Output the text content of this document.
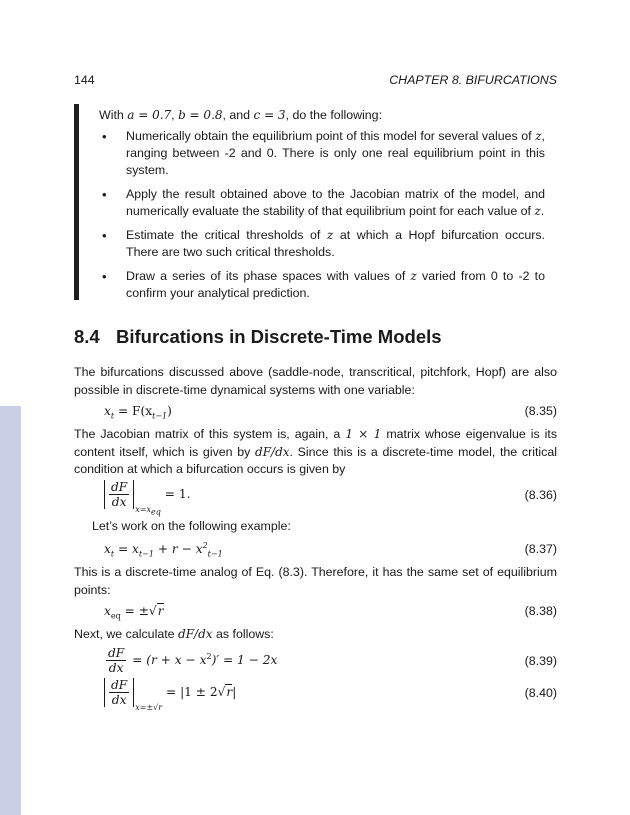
144	CHAPTER 8. BIFURCATIONS
With a = 0.7, b = 0.8, and c = 3, do the following:
• Numerically obtain the equilibrium point of this model for several values of z, ranging between -2 and 0. There is only one real equilibrium point in this system.
• Apply the result obtained above to the Jacobian matrix of the model, and numerically evaluate the stability of that equilibrium point for each value of z.
• Estimate the critical thresholds of z at which a Hopf bifurcation occurs. There are two such critical thresholds.
• Draw a series of its phase spaces with values of z varied from 0 to -2 to confirm your analytical prediction.
8.4 Bifurcations in Discrete-Time Models

The bifurcations discussed above (saddle-node, transcritical, pitchfork, Hopf) are also possible in discrete-time dynamical systems with one variable:

$x_t = F(x_{t-1})$	(8.35)

The Jacobian matrix of this system is, again, a 1 × 1 matrix whose eigenvalue is its content itself, which is given by dF/dx. Since this is a discrete-time model, the critical condition at which a bifurcation occurs is given by

$\frac{dF}{dx}$
$x=x_{eq} = 1$.	(8.36)

Let’s work on the following example:

$x_t = x_{t-1} + r - x^2_{t-1}$	(8.37)

This is a discrete-time analog of Eq. (8.3). Therefore, it has the same set of equilibrium points:

$x_{eq} = \pm√r$	(8.38)

Next, we calculate dF/dx as follows:

$\frac{dF}{dx} = (r + x - x^2)' = 1 - 2x$	(8.39)
$\frac{dF}{dx}$
x=±√r = |1 ± 2√r|	(8.40)
